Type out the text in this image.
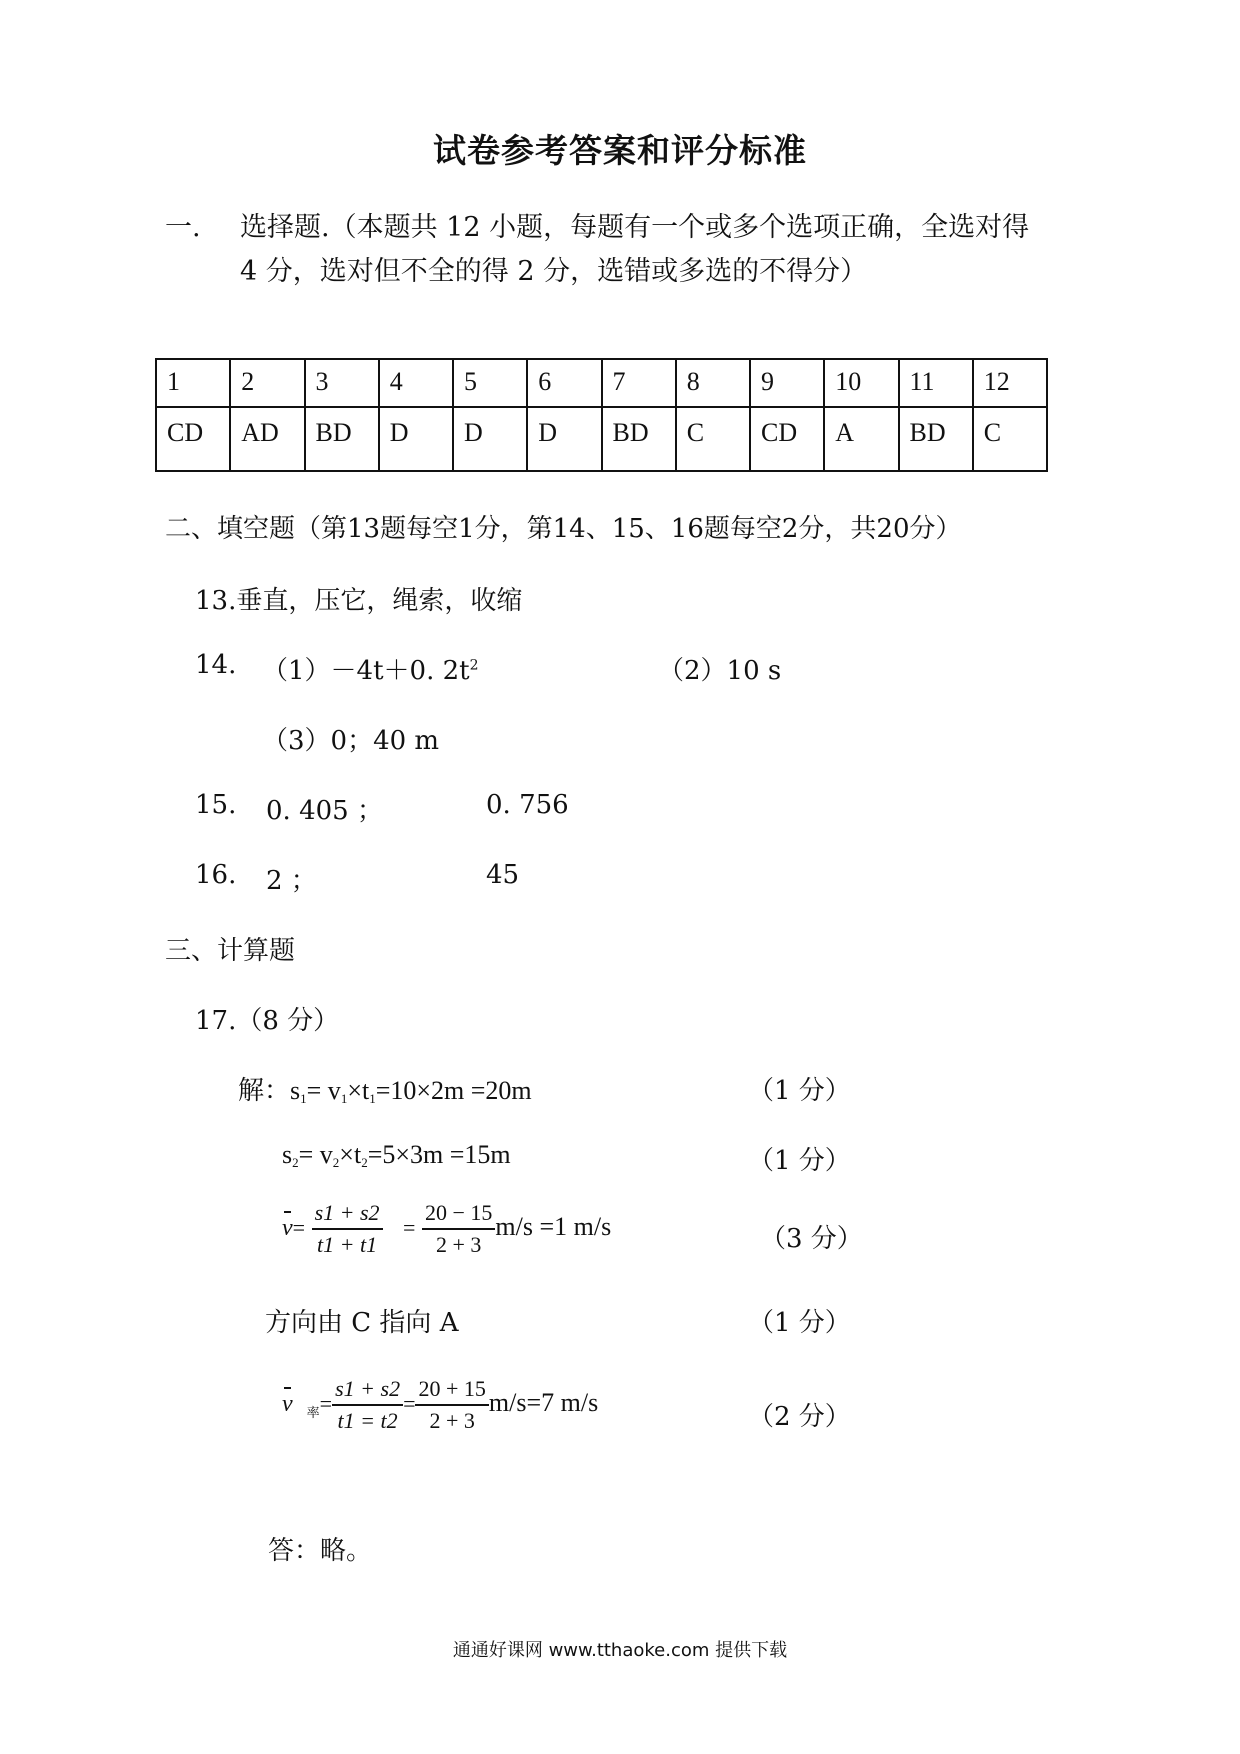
试卷参考答案和评分标准
一. 选择题.（本题共 12 小题，每题有一个或多个选项正确，全选对得
4 分，选对但不全的得 2 分，选错或多选的不得分）
1	2	3	4	5	6	7	8	9	10	11	12
CD	AD	BD	D	D	D	BD	C	CD	A	BD	C
二、填空题（第13题每空1分，第14、15、16题每空2分，共20分）
13.垂直，压它，绳索，收缩
14. （1）－4t＋0. $2t^2$	（2）10 s
（3）0；40 m
15. 0. 405 ；	0. 756
16. 2 ；	45
三、计算题
17.（8 分）
解：$s_1= v_1\times t_1=10\times 2m =20m$	（1 分）
$s_2= v_2\times t_2=5\times 3m =15m$	（1 分）
$v= \frac{s1 + s2}{t1 + t1} = \frac{20 - 15}{2 + 3} m/s =1$ m/s	（3 分）
方向由 C 指向 A	（1 分）
v $_率= \frac{s1 + s2}{t1 = t2} = \frac{20 + 15}{2 + 3} m/s=7$ m/s	（2 分）
答：略。
通通好课网 www.tthaoke.com 提供下载
